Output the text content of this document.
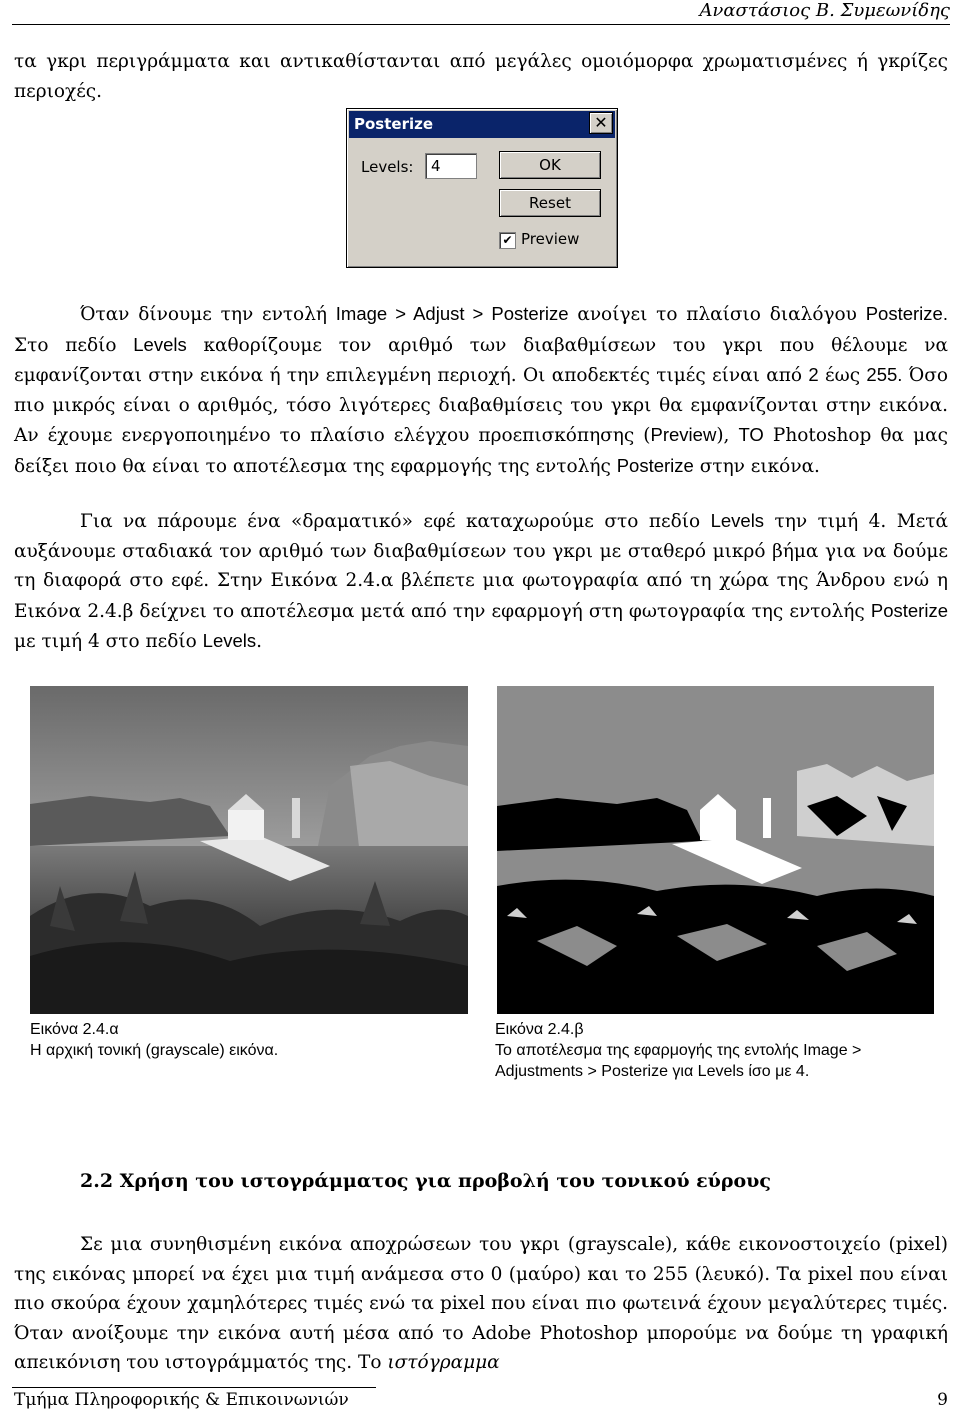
Αναστάσιος Β. Συμεωνίδης
τα γκρι περιγράμματα και αντικαθίστανται από μεγάλες ομοιόμορφα χρωματισμένες ή γκρίζες περιοχές.
Posterize	✕
Levels:
4	OK
Reset
✔ Preview
Όταν δίνουμε την εντολή Image > Adjust > Posterize ανοίγει το πλαίσιο διαλόγου Posterize. Στο πεδίο Levels καθορίζουμε τον αριθμό των διαβαθμίσεων του γκρι που θέλουμε να εμφανίζονται στην εικόνα ή την επιλεγμένη περιοχή. Οι αποδεκτές τιμές είναι από 2 έως 255. Όσο πιο μικρός είναι ο αριθμός, τόσο λιγότερες διαβαθμίσεις του γκρι θα εμφανίζονται στην εικόνα. Αν έχουμε ενεργοποιημένο το πλαίσιο ελέγχου προεπισκόπησης (Preview), ΤΟ Photoshop θα μας δείξει ποιο θα είναι το αποτέλεσμα της εφαρμογής της εντολής Posterize στην εικόνα.
Για να πάρουμε ένα «δραματικό» εφέ καταχωρούμε στο πεδίο Levels την τιμή 4. Μετά αυξάνουμε σταδιακά τον αριθμό των διαβαθμίσεων του γκρι με σταθερό μικρό βήμα για να δούμε τη διαφορά στο εφέ. Στην Εικόνα 2.4.α βλέπετε μια φωτογραφία από τη χώρα της Άνδρου ενώ η Εικόνα 2.4.β δείχνει το αποτέλεσμα μετά από την εφαρμογή στη φωτογραφία της εντολής Posterize με τιμή 4 στο πεδίο Levels.
Εικόνα 2.4.α
Η αρχική τονική (grayscale) εικόνα.
Εικόνα 2.4.β
Το αποτέλεσμα της εφαρμογής της εντολής Image > Adjustments > Posterize για Levels ίσο με 4.
2.2 Χρήση του ιστογράμματος για προβολή του τονικού εύρους
Σε μια συνηθισμένη εικόνα αποχρώσεων του γκρι (grayscale), κάθε εικονοστοιχείο (pixel) της εικόνας μπορεί να έχει μια τιμή ανάμεσα στο 0 (μαύρο) και το 255 (λευκό). Τα pixel που είναι πιο σκούρα έχουν χαμηλότερες τιμές ενώ τα pixel που είναι πιο φωτεινά έχουν μεγαλύτερες τιμές. Όταν ανοίξουμε την εικόνα αυτή μέσα από το Adobe Photoshop μπορούμε να δούμε τη γραφική απεικόνιση του ιστογράμματός της. Το ιστόγραμμα
Τμήμα Πληροφορικής & Επικοινωνιών	9
